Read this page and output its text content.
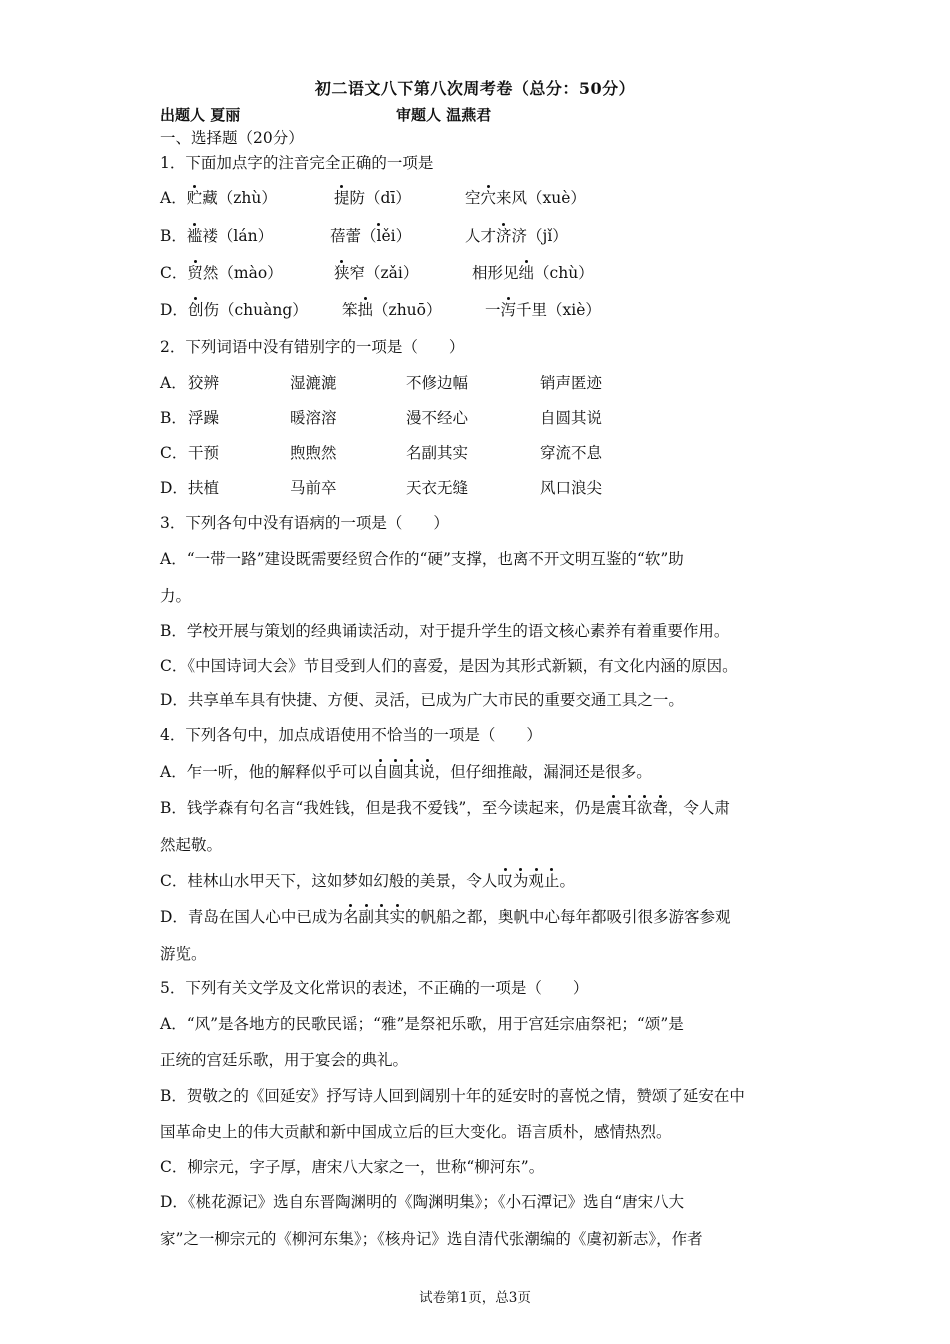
初二语文八下第八次周考卷（总分：50分）
出题人 夏丽	审题人 温燕君
一、选择题（20分）
1．下面加点字的注音完全正确的一项是
A．贮藏（zhù）	提防（dī）	空穴来风（xuè）
B．褴褛（lán）	蓓蕾（lěi）	人才济济（jǐ）
C．贸然（mào）	狭窄（zǎi）	相形见绌（chù）
D．创伤（chuàng） 笨拙（zhuō）	一泻千里（xiè）
2．下列词语中没有错别字的一项是（　　）
A． 狡辨	湿漉漉	不修边幅	销声匿迹
B． 浮躁	暖溶溶	漫不经心	自圆其说
C． 干预	煦煦然	名副其实	穿流不息
D． 扶植	马前卒	天衣无缝	风口浪尖
3．下列各句中没有语病的一项是（　　）
A．“一带一路”建设既需要经贸合作的“硬”支撑，也离不开文明互鉴的“软”助
力。
B．学校开展与策划的经典诵读活动，对于提升学生的语文核心素养有着重要作用。
C．《中国诗词大会》节目受到人们的喜爱，是因为其形式新颖，有文化内涵的原因。
D．共享单车具有快捷、方便、灵活，已成为广大市民的重要交通工具之一。
4．下列各句中，加点成语使用不恰当的一项是（　　）
A．乍一听，他的解释似乎可以自圆其说，但仔细推敲，漏洞还是很多。
B．钱学森有句名言“我姓钱，但是我不爱钱”，至今读起来，仍是震耳欲聋，令人肃
然起敬。
C．桂林山水甲天下，这如梦如幻般的美景，令人叹为观止。
D．青岛在国人心中已成为名副其实的帆船之都，奥帆中心每年都吸引很多游客参观
游览。
5．下列有关文学及文化常识的表述，不正确的一项是（　　）
A．“风”是各地方的民歌民谣；“雅”是祭祀乐歌，用于宫廷宗庙祭祀；“颂”是
正统的宫廷乐歌，用于宴会的典礼。
B．贺敬之的《回延安》抒写诗人回到阔别十年的延安时的喜悦之情，赞颂了延安在中
国革命史上的伟大贡献和新中国成立后的巨大变化。语言质朴，感情热烈。
C．柳宗元，字子厚，唐宋八大家之一，世称“柳河东”。
D．《桃花源记》选自东晋陶渊明的《陶渊明集》；《小石潭记》选自“唐宋八大
家”之一柳宗元的《柳河东集》；《核舟记》选自清代张潮编的《虞初新志》，作者
试卷第1页，总3页
